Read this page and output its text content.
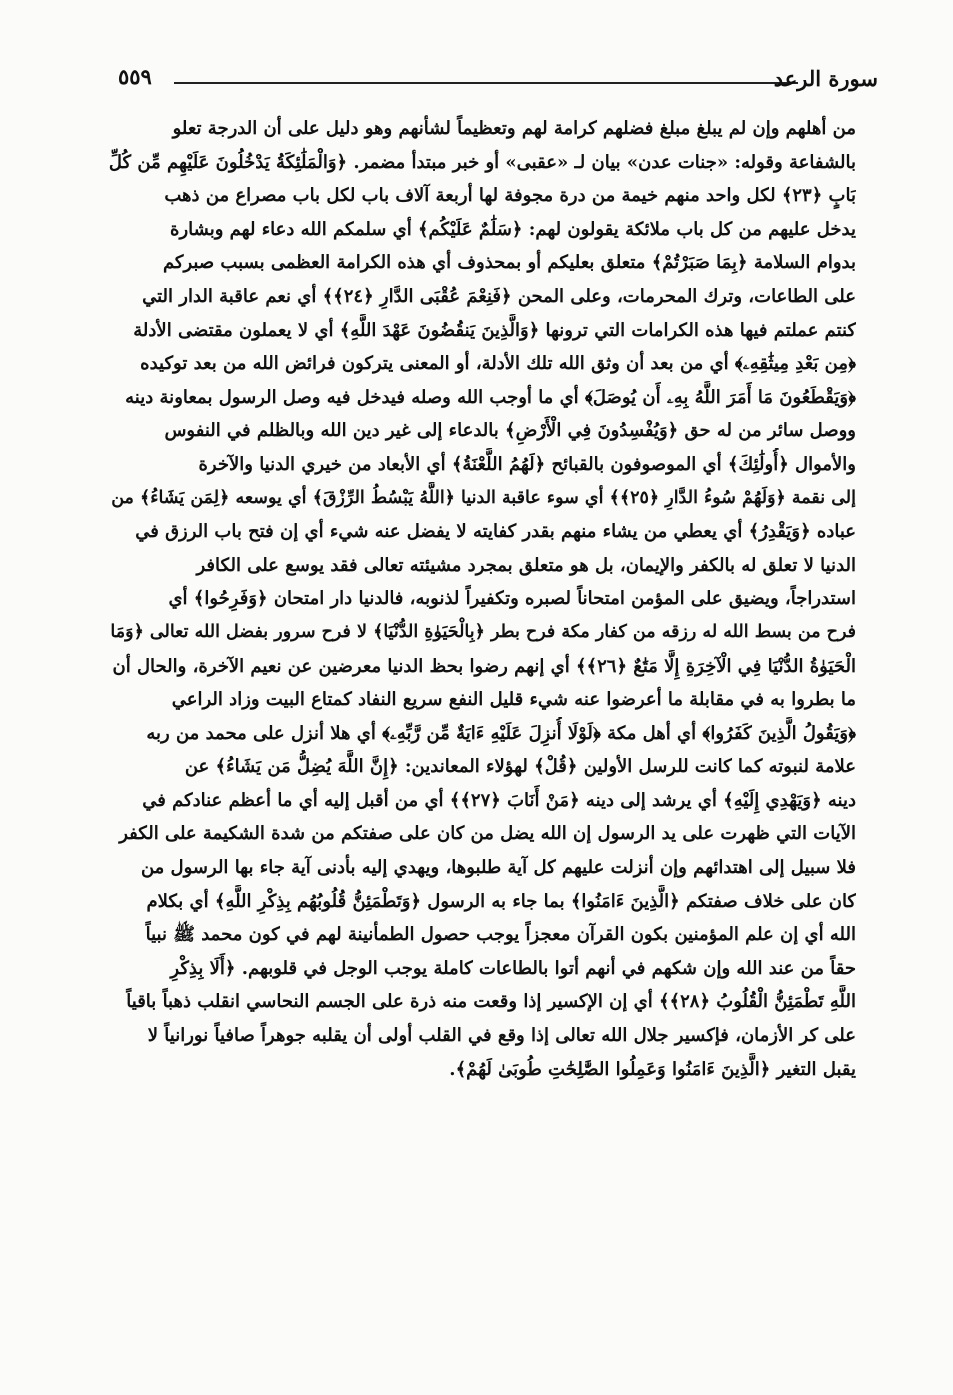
٥٥٩	سورة الرعد
من أهلهم وإن لم يبلغ مبلغ فضلهم كرامة لهم وتعظيماً لشأنهم وهو دليل على أن الدرجة تعلو
بالشفاعة وقوله: «جنات عدن» بيان لـ «عقبى» أو خبر مبتدأ مضمر. ﴿وَالْمَلَٰئِكَةُ يَدْخُلُونَ عَلَيْهِم مِّن كُلِّ
بَابٍ ﴿٢٣﴾ لكل واحد منهم خيمة من درة مجوفة لها أربعة آلاف باب لكل باب مصراع من ذهب
يدخل عليهم من كل باب ملائكة يقولون لهم: ﴿سَلَٰمٌ عَلَيْكُم﴾ أي سلمكم الله دعاء لهم وبشارة
بدوام السلامة ﴿بِمَا صَبَرْتُمْ﴾ متعلق بعليكم أو بمحذوف أي هذه الكرامة العظمى بسبب صبركم
على الطاعات، وترك المحرمات، وعلى المحن ﴿فَنِعْمَ عُقْبَى الدَّارِ ﴿٢٤﴾﴾ أي نعم عاقبة الدار التي
كنتم عملتم فيها هذه الكرامات التي ترونها ﴿وَالَّذِينَ يَنقُضُونَ عَهْدَ اللَّهِ﴾ أي لا يعملون مقتضى الأدلة
﴿مِن بَعْدِ مِيثَٰقِهِۦ﴾ أي من بعد أن وثق الله تلك الأدلة، أو المعنى يتركون فرائض الله من بعد توكيده
﴿وَيَقْطَعُونَ مَا أَمَرَ اللَّهُ بِهِۦ أَن يُوصَلَ﴾ أي ما أوجب الله وصله فيدخل فيه وصل الرسول بمعاونة دينه
ووصل سائر من له حق ﴿وَيُفْسِدُونَ فِي الْأَرْضِ﴾ بالدعاء إلى غير دين الله وبالظلم في النفوس
والأموال ﴿أُولَٰئِكَ﴾ أي الموصوفون بالقبائح ﴿لَهُمُ اللَّعْنَةُ﴾ أي الأبعاد من خيري الدنيا والآخرة
إلى نقمة ﴿وَلَهُمْ سُوءُ الدَّارِ ﴿٢٥﴾﴾ أي سوء عاقبة الدنيا ﴿اللَّهُ يَبْسُطُ الرِّزْقَ﴾ أي يوسعه ﴿لِمَن يَشَاءُ﴾ من
عباده ﴿وَيَقْدِرُ﴾ أي يعطي من يشاء منهم بقدر كفايته لا يفضل عنه شيء أي إن فتح باب الرزق في
الدنيا لا تعلق له بالكفر والإيمان، بل هو متعلق بمجرد مشيئته تعالى فقد يوسع على الكافر
استدراجاً، ويضيق على المؤمن امتحاناً لصبره وتكفيراً لذنوبه، فالدنيا دار امتحان ﴿وَفَرِحُوا﴾ أي
فرح من بسط الله له رزقه من كفار مكة فرح بطر ﴿بِالْحَيَوٰةِ الدُّنْيَا﴾ لا فرح سرور بفضل الله تعالى ﴿وَمَا
الْحَيَوٰةُ الدُّنْيَا فِي الْآخِرَةِ إِلَّا مَتَٰعٌ ﴿٢٦﴾﴾ أي إنهم رضوا بحظ الدنيا معرضين عن نعيم الآخرة، والحال أن
ما بطروا به في مقابلة ما أعرضوا عنه شيء قليل النفع سريع النفاد كمتاع البيت وزاد الراعي
﴿وَيَقُولُ الَّذِينَ كَفَرُوا﴾ أي أهل مكة ﴿لَوْلَا أُنزِلَ عَلَيْهِ ءَايَةٌ مِّن رَّبِّهِۦ﴾ أي هلا أنزل على محمد من ربه
علامة لنبوته كما كانت للرسل الأولين ﴿قُلْ﴾ لهؤلاء المعاندين: ﴿إِنَّ اللَّهَ يُضِلُّ مَن يَشَاءُ﴾ عن
دينه ﴿وَيَهْدِي إِلَيْهِ﴾ أي يرشد إلى دينه ﴿مَنْ أَنَابَ ﴿٢٧﴾﴾ أي من أقبل إليه أي ما أعظم عنادكم في
الآيات التي ظهرت على يد الرسول إن الله يضل من كان على صفتكم من شدة الشكيمة على الكفر
فلا سبيل إلى اهتدائهم وإن أنزلت عليهم كل آية طلبوها، ويهدي إليه بأدنى آية جاء بها الرسول من
كان على خلاف صفتكم ﴿الَّذِينَ ءَامَنُوا﴾ بما جاء به الرسول ﴿وَتَطْمَئِنُّ قُلُوبُهُم بِذِكْرِ اللَّهِ﴾ أي بكلام
الله أي إن علم المؤمنين بكون القرآن معجزاً يوجب حصول الطمأنينة لهم في كون محمد ﷺ نبياً
حقاً من عند الله وإن شكهم في أنهم أتوا بالطاعات كاملة يوجب الوجل في قلوبهم. ﴿أَلَا بِذِكْرِ
اللَّهِ تَطْمَئِنُّ الْقُلُوبُ ﴿٢٨﴾﴾ أي إن الإكسير إذا وقعت منه ذرة على الجسم النحاسي انقلب ذهباً باقياً
على كر الأزمان، فإكسير جلال الله تعالى إذا وقع في القلب أولى أن يقلبه جوهراً صافياً نورانياً لا
يقبل التغير ﴿الَّذِينَ ءَامَنُوا وَعَمِلُوا الصَّٰلِحَٰتِ طُوبَىٰ لَهُمْ﴾.
